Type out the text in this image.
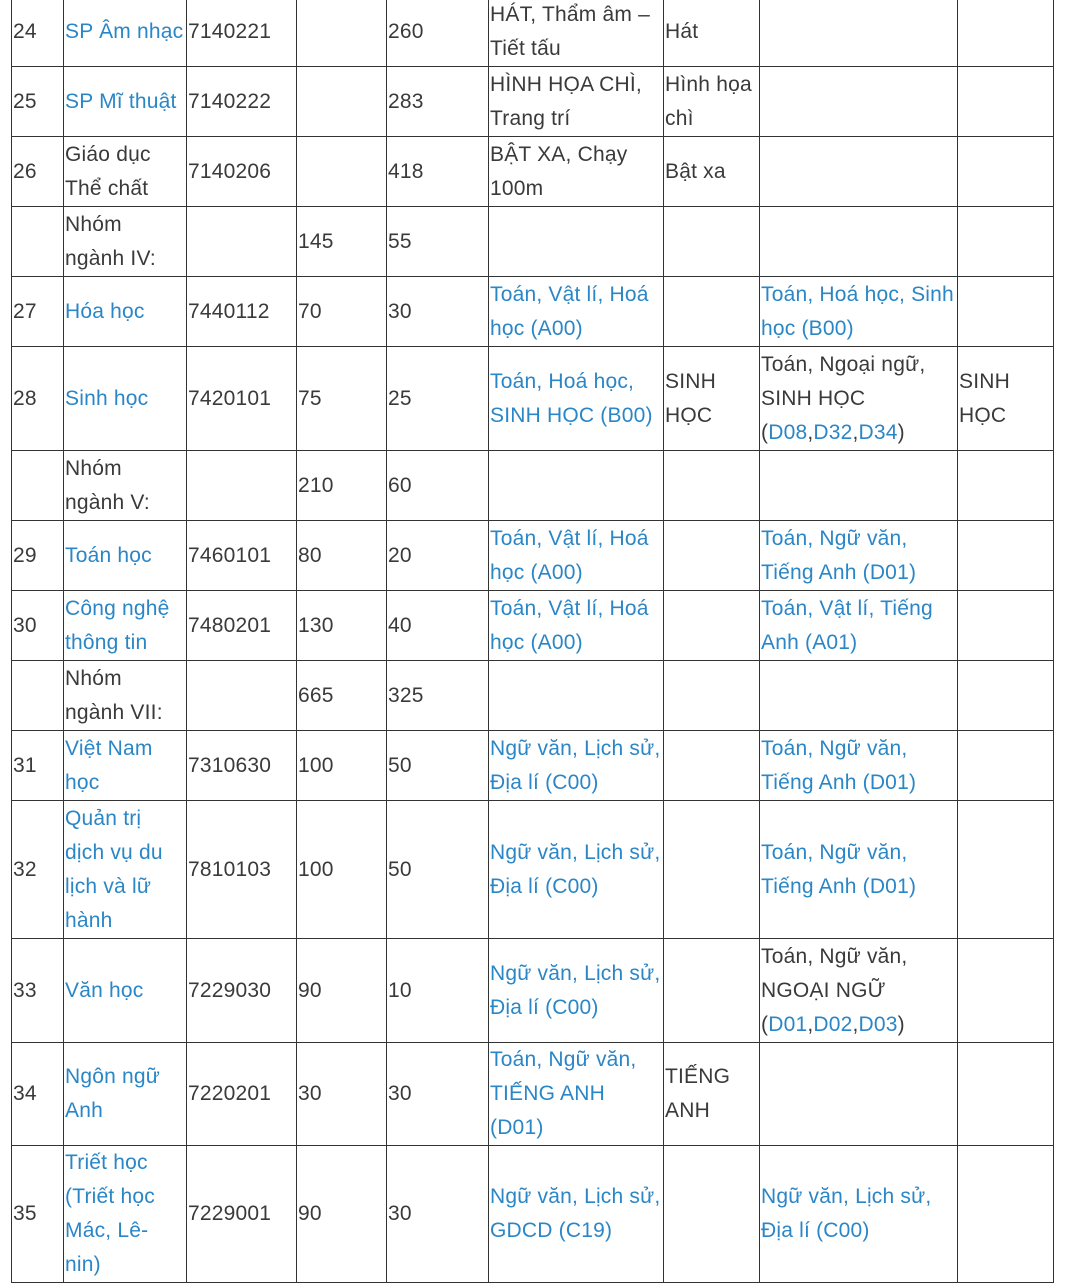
24	SP Âm nhạc	7140221		260	HÁT, Thẩm âm – Tiết tấu	Hát		
25	SP Mĩ thuật	7140222		283	HÌNH HỌA CHÌ, Trang trí	Hình họa chì		
26	Giáo dục Thể chất	7140206		418	BẬT XA, Chạy 100m	Bật xa		
	Nhóm ngành IV:		145	55				
27	Hóa học	7440112	70	30	Toán, Vật lí, Hoá học (A00)		Toán, Hoá học, Sinh học (B00)	
28	Sinh học	7420101	75	25	Toán, Hoá học, SINH HỌC (B00)	SINH HỌC	Toán, Ngoại ngữ, SINH HỌC (D08,D32,D34)	SINH HỌC
	Nhóm ngành V:		210	60				
29	Toán học	7460101	80	20	Toán, Vật lí, Hoá học (A00)		Toán, Ngữ văn, Tiếng Anh (D01)	
30	Công nghệ thông tin	7480201	130	40	Toán, Vật lí, Hoá học (A00)		Toán, Vật lí, Tiếng Anh (A01)	
	Nhóm ngành VII:		665	325				
31	Việt Nam học	7310630	100	50	Ngữ văn, Lịch sử, Địa lí (C00)		Toán, Ngữ văn, Tiếng Anh (D01)	
32	Quản trị dịch vụ du lịch và lữ hành	7810103	100	50	Ngữ văn, Lịch sử, Địa lí (C00)		Toán, Ngữ văn, Tiếng Anh (D01)	
33	Văn học	7229030	90	10	Ngữ văn, Lịch sử, Địa lí (C00)		Toán, Ngữ văn, NGOẠI NGỮ (D01,D02,D03)	
34	Ngôn ngữ Anh	7220201	30	30	Toán, Ngữ văn, TIẾNG ANH (D01)	TIẾNG ANH		
35	Triết học (Triết học Mác, Lê-nin)	7229001	90	30	Ngữ văn, Lịch sử, GDCD (C19)		Ngữ văn, Lịch sử, Địa lí (C00)	
